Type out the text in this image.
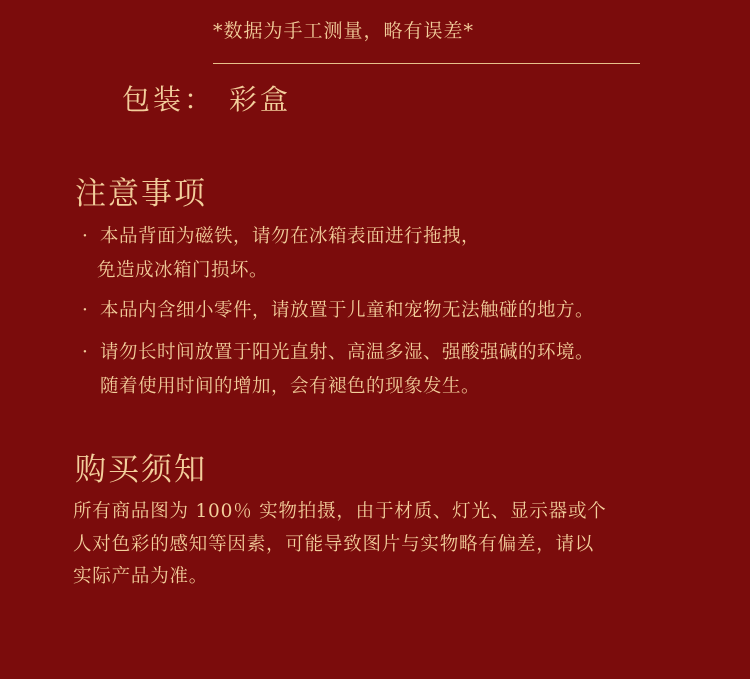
*数据为手工测量，略有误差*
包装： 彩盒
注意事项
· 本品背面为磁铁，请勿在冰箱表面进行拖拽，
免造成冰箱门损坏。
· 本品内含细小零件，请放置于儿童和宠物无法触碰的地方。
· 请勿长时间放置于阳光直射、高温多湿、强酸强碱的环境。
随着使用时间的增加，会有褪色的现象发生。
购买须知
所有商品图为 100％ 实物拍摄，由于材质、灯光、显示器或个
人对色彩的感知等因素，可能导致图片与实物略有偏差，请以
实际产品为准。
